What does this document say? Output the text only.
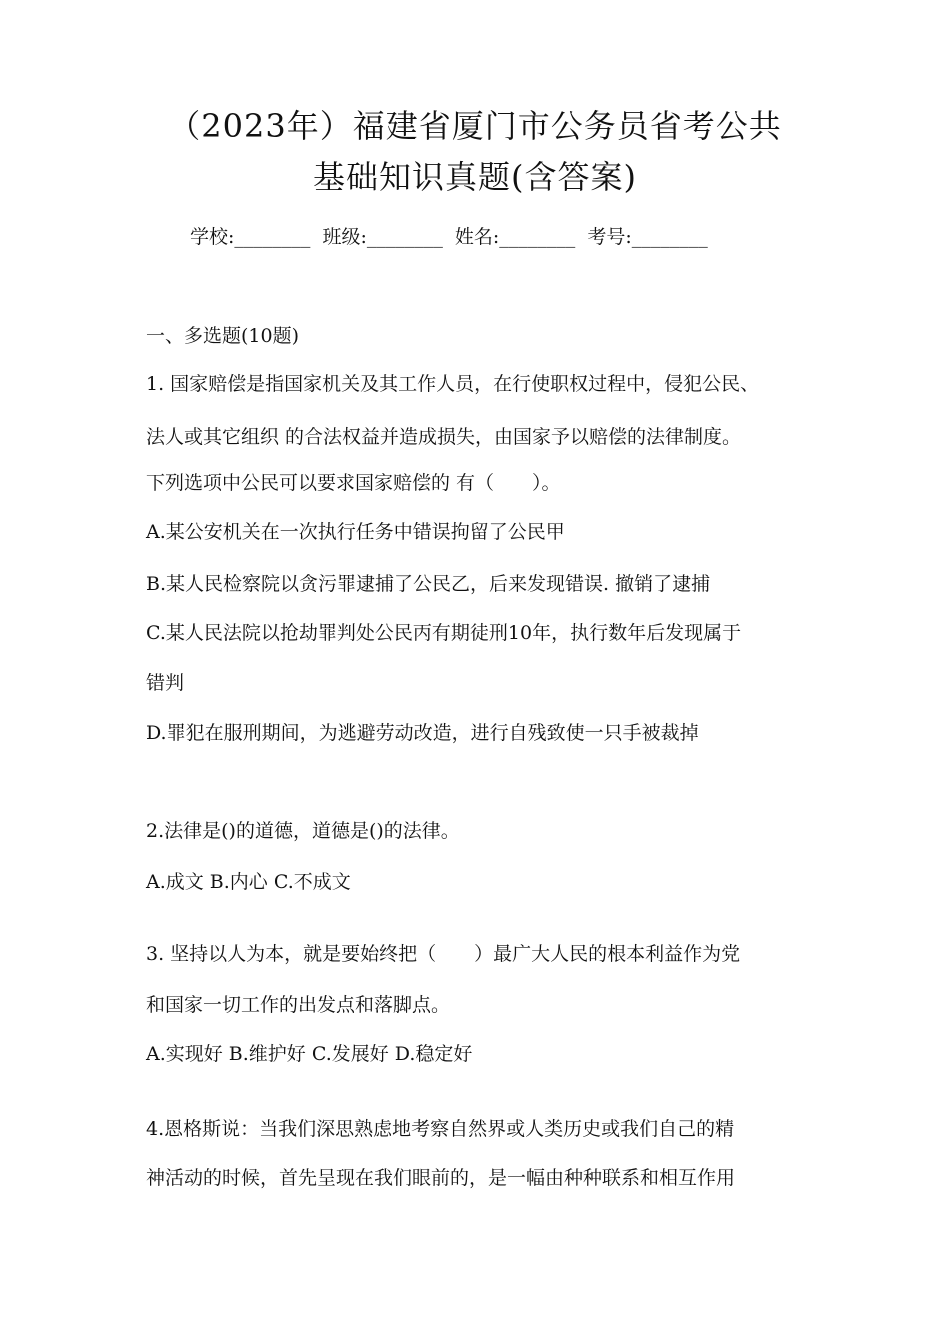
（2023年）福建省厦门市公务员省考公共
基础知识真题(含答案)
学校:________ 班级:________ 姓名:________ 考号:________
一、多选题(10题)
1. 国家赔偿是指国家机关及其工作人员，在行使职权过程中，侵犯公民、
法人或其它组织 的合法权益并造成损失，由国家予以赔偿的法律制度。
下列选项中公民可以要求国家赔偿的 有（　　）。
A.某公安机关在一次执行任务中错误拘留了公民甲
B.某人民检察院以贪污罪逮捕了公民乙，后来发现错误. 撤销了逮捕
C.某人民法院以抢劫罪判处公民丙有期徒刑10年，执行数年后发现属于
错判
D.罪犯在服刑期间，为逃避劳动改造，进行自残致使一只手被裁掉
2.法律是()的道德，道德是()的法律。
A.成文 B.内心 C.不成文
3. 坚持以人为本，就是要始终把（　　）最广大人民的根本利益作为党
和国家一切工作的出发点和落脚点。
A.实现好 B.维护好 C.发展好 D.稳定好
4.恩格斯说：当我们深思熟虑地考察自然界或人类历史或我们自己的精
神活动的时候，首先呈现在我们眼前的，是一幅由种种联系和相互作用
